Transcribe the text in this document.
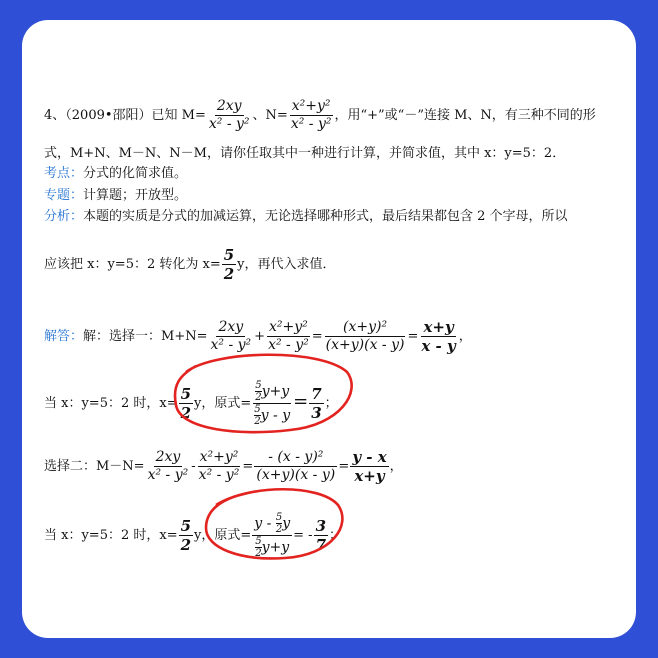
4、（2009•邵阳）已知 $M= \frac{2xy}{\text{x² - y²}}$ 、$N= \frac{\text{x²+y²}}{\text{x² - y²}}$ ，用“+”或“－”连接 M、N，有三种不同的形
式，M+N、M－N、N－M，请你任取其中一种进行计算，并简求值，其中 x：y=5：2．
考点：分式的化简求值。
专题：计算题；开放型。
分析：本题的实质是分式的加减运算，无论选择哪种形式，最后结果都包含 2 个字母，所以
应该把 x：y=5：2 转化为 $x= \frac{5}{2}$ y，再代入求值．
解答：解：选择一：$M+N= \frac{2xy}{\text{x² - y²}} + \frac{\text{x²+y²}}{\text{x² - y²}} = \frac{\text{(x+y)²}}{(x+y)(x - y)} = \frac{x+y}{x - y}$ ，
当 x：y=5：2 时，$x= \frac{5}{2}$ y，原式= $\frac{\frac{5}{2} y+y}{\frac{5}{2} y - y} = \frac{7}{3}$ ；
选择二：$M-N= \frac{2xy}{\text{x² - y²}} - \frac{\text{x²+y²}}{\text{x² - y²}} = \frac{\text{- (x - y)²}}{(x+y)(x - y)} = \frac{y - x}{x+y}$ ，
当 x：y=5：2 时，$x= \frac{5}{2}$ y，原式= $\frac{y - \frac{5}{2} y}{\frac{5}{2} y+y}$ = - $\frac{3}{7}$ ；
